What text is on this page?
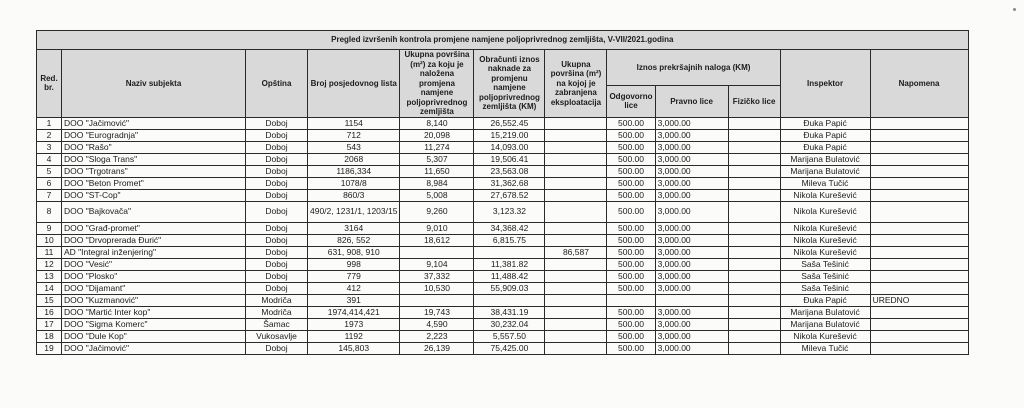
Pregled izvršenih kontrola promjene namjene poljoprivrednog zemljišta, V-VII/2021.godina											
Red. br.	Naziv subjekta	Opština	Broj posjedovnog lista	Ukupna površina (m²) za koju je naložena promjena namjene poljoprivrednog zemljišta	Obračunti iznos naknade za promjenu namjene poljoprivrednog zemljišta (KM)	Ukupna površina (m²) na kojoj je zabranjena eksploatacija	Iznos prekršajnih naloga (KM)			Inspektor	Napomena
							Odgovorno lice	Pravno lice	Fizičko lice		
1	DOO "Jačimović"	Doboj	1154	8,140	26,552.45		500.00	3,000.00		Đuka Papić	
2	DOO "Eurogradnja"	Doboj	712	20,098	15,219.00		500.00	3,000.00		Đuka Papić	
3	DOO "Rašo"	Doboj	543	11,274	14,093.00		500.00	3,000.00		Đuka Papić	
4	DOO "Sloga Trans"	Doboj	2068	5,307	19,506.41		500.00	3,000.00		Marijana Bulatović	
5	DOO "Trgotrans"	Doboj	1186,334	11,650	23,563.08		500.00	3,000.00		Marijana Bulatović	
6	DOO "Beton Promet"	Doboj	1078/8	8,984	31,362.68		500.00	3,000.00		Mileva Tučić	
7	DOO "ST-Cop"	Doboj	860/3	5,008	27,678.52		500.00	3,000.00		Nikola Kurešević	
8	DOO "Bajkovača"	Doboj	490/2, 1231/1, 1203/15	9,260	3,123.32		500.00	3,000.00		Nikola Kurešević	
9	DOO "Građ-promet"	Doboj	3164	9,010	34,368.42		500.00	3,000.00		Nikola Kurešević	
10	DOO "Drvoprerada Đurić"	Doboj	826, 552	18,612	6,815.75		500.00	3,000.00		Nikola Kurešević	
11	AD "Integral inženjering"	Doboj	631, 908, 910			86,587	500.00	3,000.00		Nikola Kurešević	
12	DOO "Vesić"	Doboj	998	9,104	11,381.82		500.00	3,000.00		Saša Tešinić	
13	DOO "Plosko"	Doboj	779	37,332	11,488.42		500.00	3,000.00		Saša Tešinić	
14	DOO "Dijamant"	Doboj	412	10,530	55,909.03		500.00	3,000.00		Saša Tešinić	
15	DOO "Kuzmanović"	Modriča	391							Đuka Papić	UREDNO
16	DOO "Martić Inter kop"	Modriča	1974,414,421	19,743	38,431.19		500.00	3,000.00		Marijana Bulatović	
17	DOO "Sigma Komerc"	Šamac	1973	4,590	30,232.04		500.00	3,000.00		Marijana Bulatović	
18	DOO "Dule Kop"	Vukosavlje	1192	2,223	5,557.50		500.00	3,000.00		Nikola Kurešević	
19	DOO "Jačimović"	Doboj	145,803	26,139	75,425.00		500.00	3,000.00		Mileva Tučić	
